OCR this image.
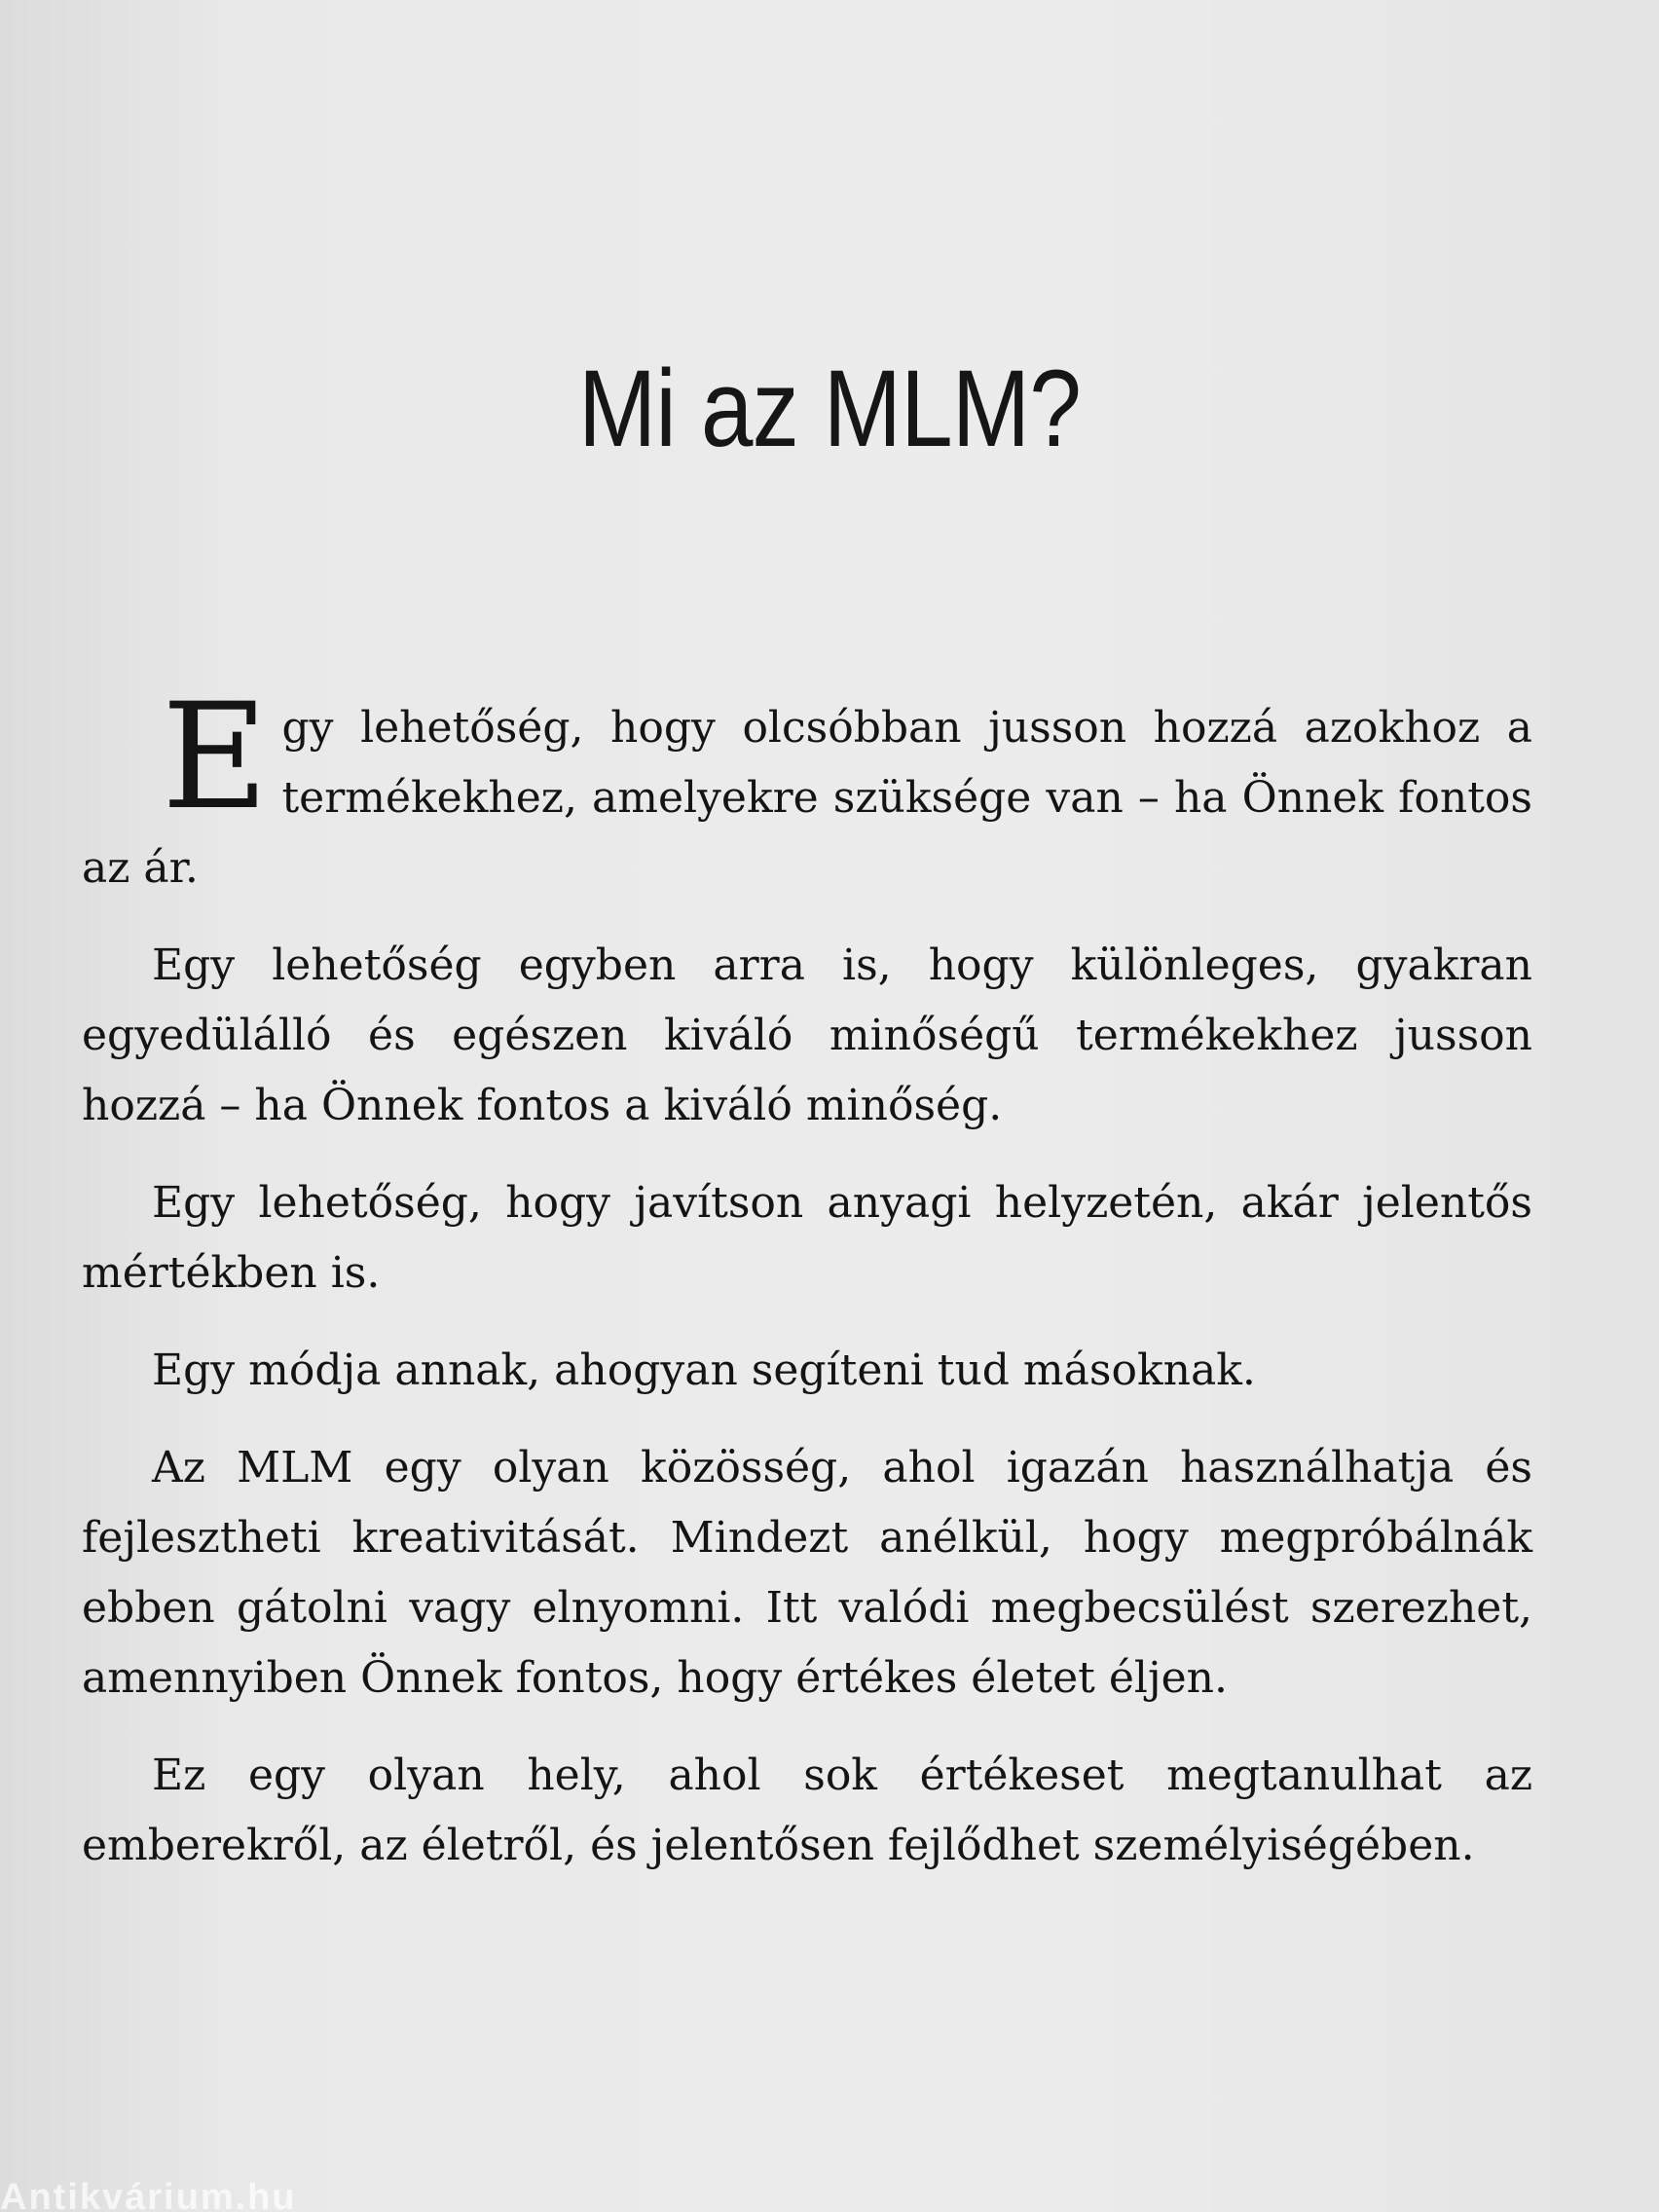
Mi az MLM?

Egy lehetőség, hogy olcsóbban jusson hozzá azokhoz a termékekhez, amelyekre szüksége van – ha Önnek fontos az ár.

Egy lehetőség egyben arra is, hogy különleges, gyakran egyedülálló és egészen kiváló minőségű termékekhez jusson hozzá – ha Önnek fontos a kiváló minőség.

Egy lehetőség, hogy javítson anyagi helyzetén, akár jelentős mértékben is.

Egy módja annak, ahogyan segíteni tud másoknak.

Az MLM egy olyan közösség, ahol igazán használhatja és fejlesztheti kreativitását. Mindezt anélkül, hogy megpróbálnák ebben gátolni vagy elnyomni. Itt valódi megbecsülést szerezhet, amennyiben Önnek fontos, hogy értékes életet éljen.

Ez egy olyan hely, ahol sok értékeset megtanulhat az emberekről, az életről, és jelentősen fejlődhet személyiségében.

Antikvárium.hu
